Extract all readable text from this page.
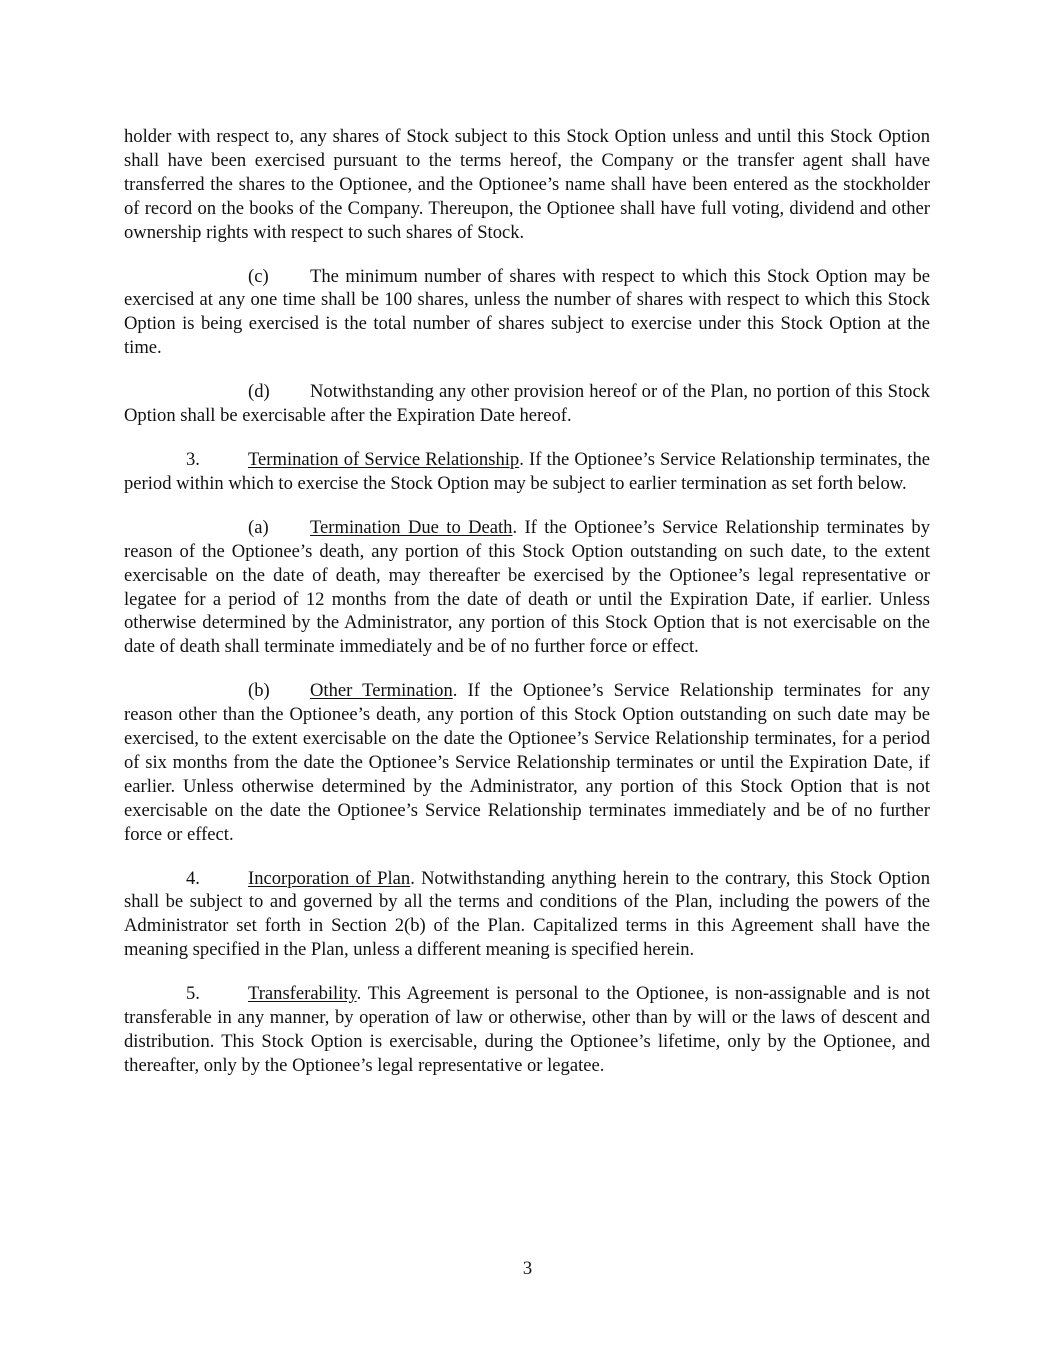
holder with respect to, any shares of Stock subject to this Stock Option unless and until this Stock Option shall have been exercised pursuant to the terms hereof, the Company or the transfer agent shall have transferred the shares to the Optionee, and the Optionee’s name shall have been entered as the stockholder of record on the books of the Company. Thereupon, the Optionee shall have full voting, dividend and other ownership rights with respect to such shares of Stock.

(c) The minimum number of shares with respect to which this Stock Option may be exercised at any one time shall be 100 shares, unless the number of shares with respect to which this Stock Option is being exercised is the total number of shares subject to exercise under this Stock Option at the time.

(d) Notwithstanding any other provision hereof or of the Plan, no portion of this Stock Option shall be exercisable after the Expiration Date hereof.

3.	Termination of Service Relationship. If the Optionee’s Service Relationship terminates, the period within which to exercise the Stock Option may be subject to earlier termination as set forth below.

(a) Termination Due to Death. If the Optionee’s Service Relationship terminates by reason of the Optionee’s death, any portion of this Stock Option outstanding on such date, to the extent exercisable on the date of death, may thereafter be exercised by the Optionee’s legal representative or legatee for a period of 12 months from the date of death or until the Expiration Date, if earlier. Unless otherwise determined by the Administrator, any portion of this Stock Option that is not exercisable on the date of death shall terminate immediately and be of no further force or effect.

(b) Other Termination. If the Optionee’s Service Relationship terminates for any reason other than the Optionee’s death, any portion of this Stock Option outstanding on such date may be exercised, to the extent exercisable on the date the Optionee’s Service Relationship terminates, for a period of six months from the date the Optionee’s Service Relationship terminates or until the Expiration Date, if earlier. Unless otherwise determined by the Administrator, any portion of this Stock Option that is not exercisable on the date the Optionee’s Service Relationship terminates immediately and be of no further force or effect.

4.	Incorporation of Plan. Notwithstanding anything herein to the contrary, this Stock Option shall be subject to and governed by all the terms and conditions of the Plan, including the powers of the Administrator set forth in Section 2(b) of the Plan. Capitalized terms in this Agreement shall have the meaning specified in the Plan, unless a different meaning is specified herein.

5.	Transferability. This Agreement is personal to the Optionee, is non-assignable and is not transferable in any manner, by operation of law or otherwise, other than by will or the laws of descent and distribution. This Stock Option is exercisable, during the Optionee’s lifetime, only by the Optionee, and thereafter, only by the Optionee’s legal representative or legatee.

3
